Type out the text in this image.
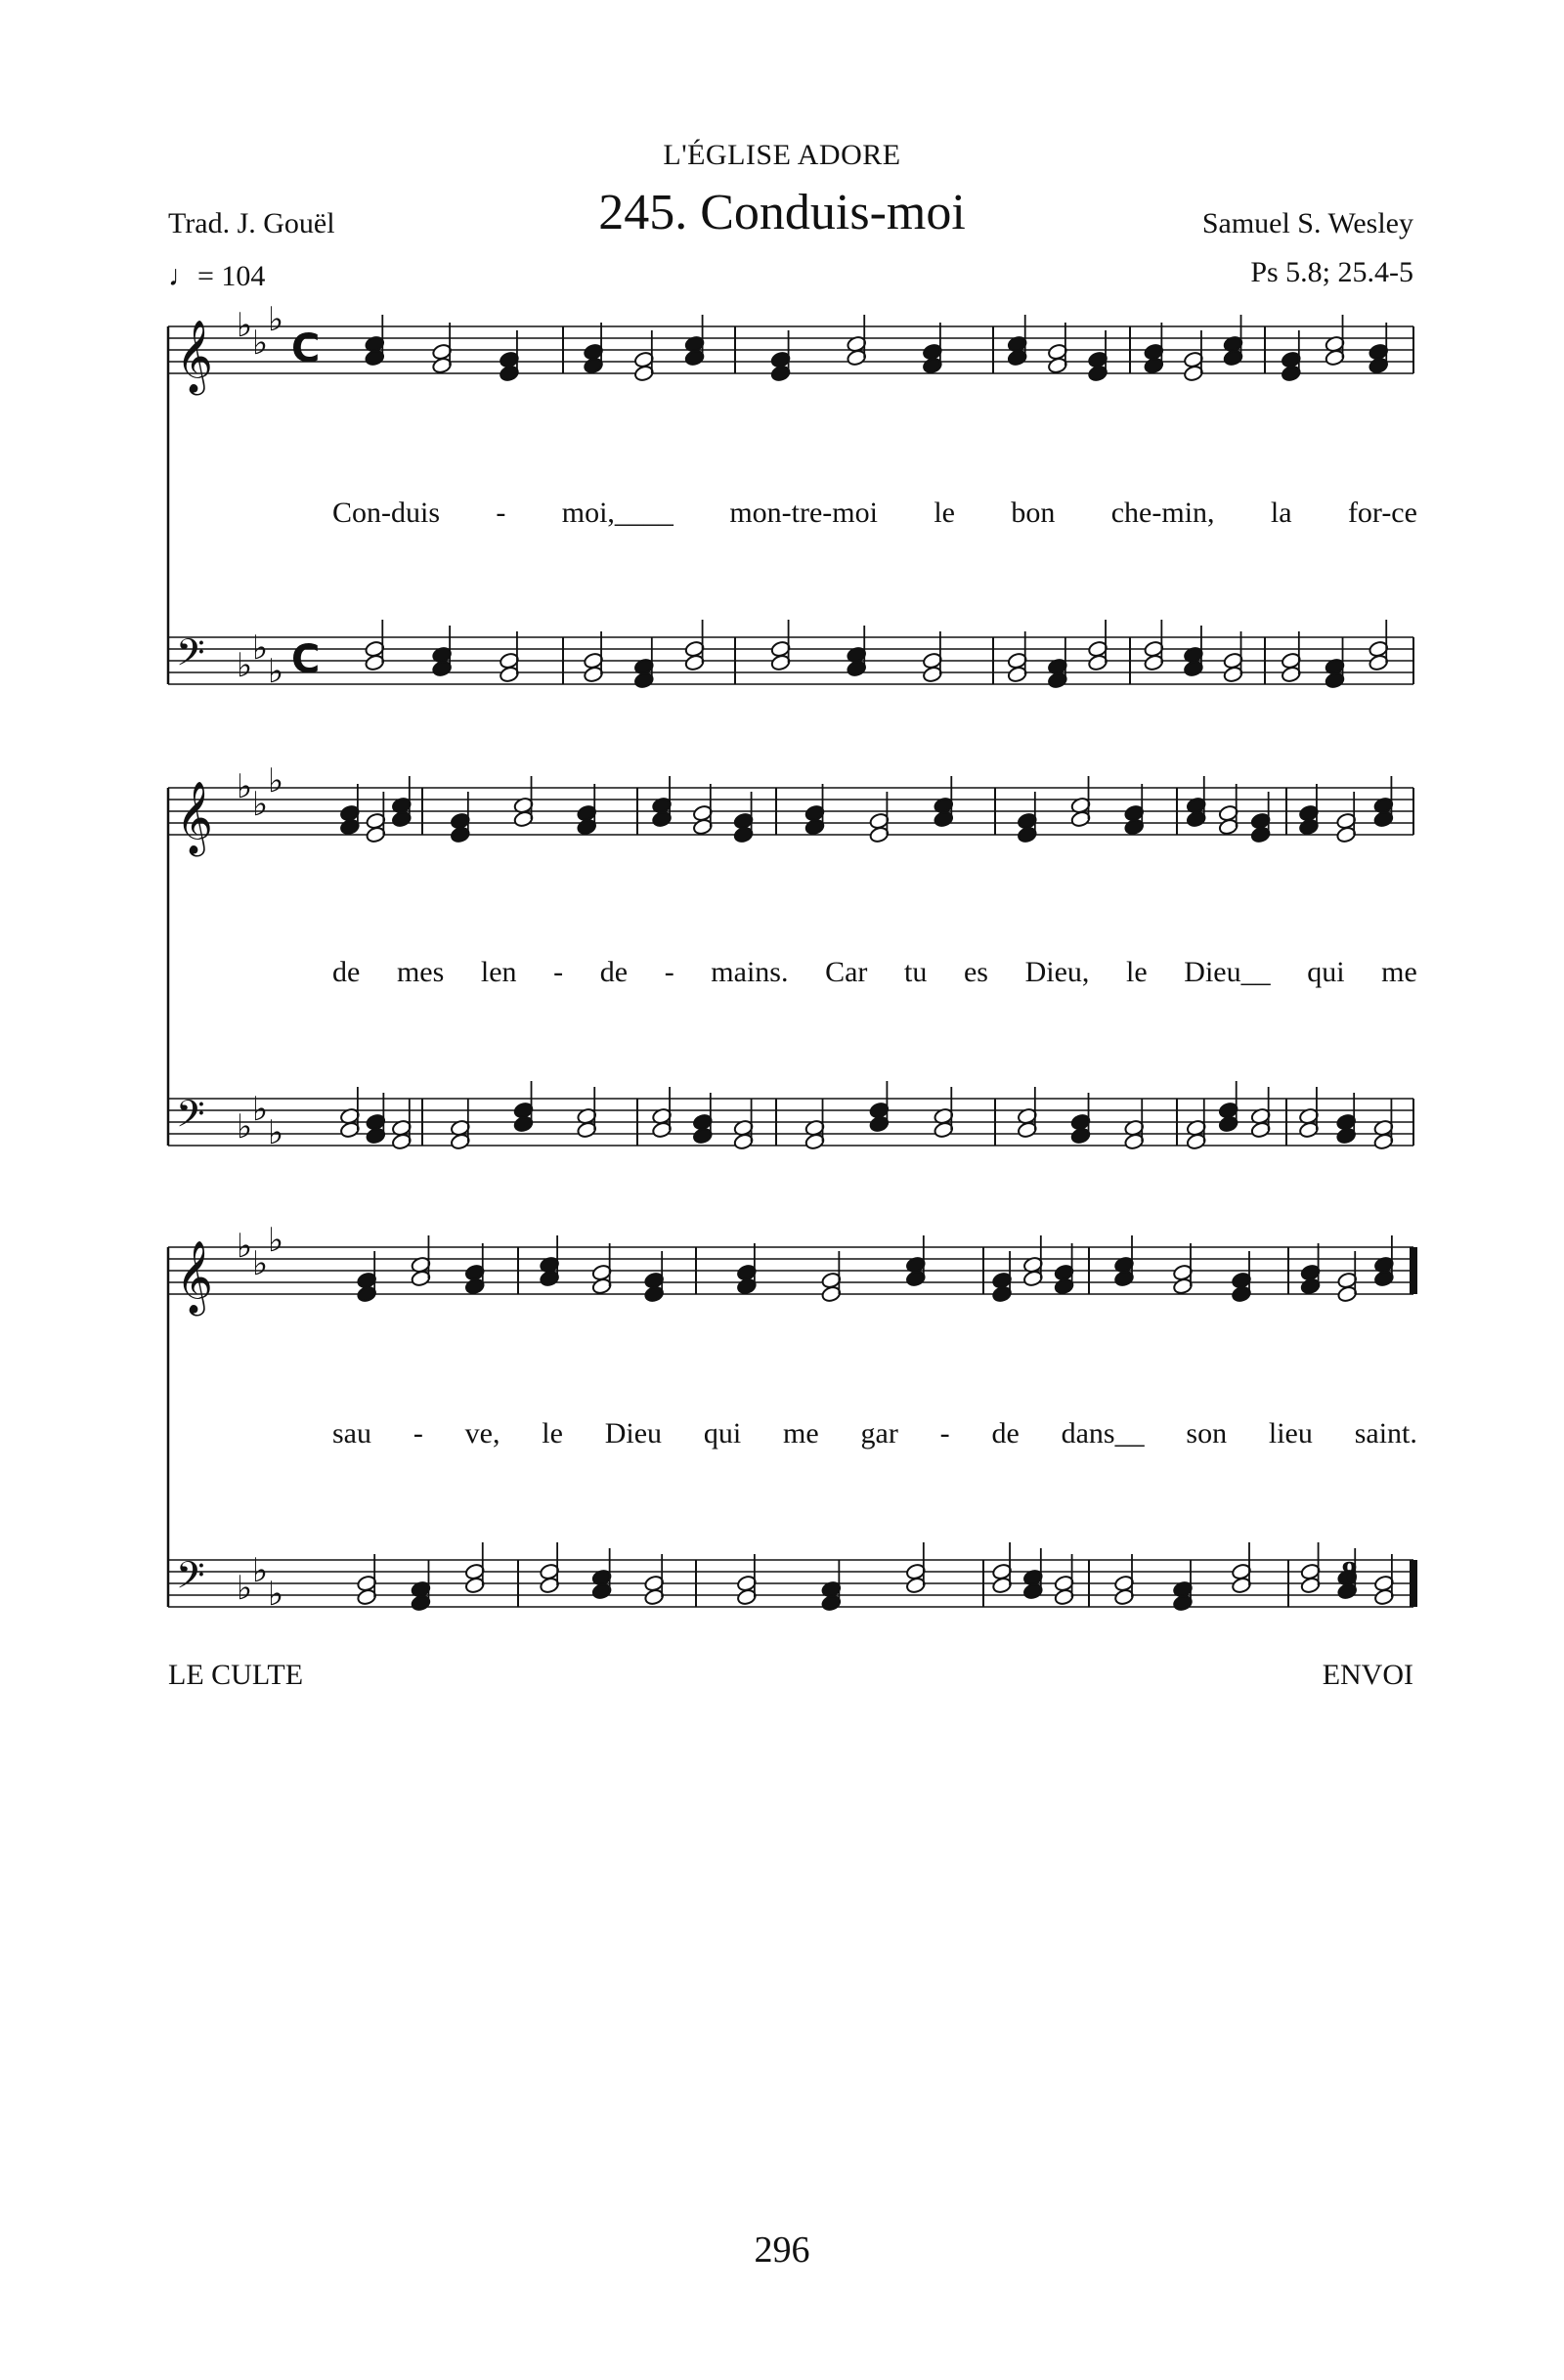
L'ÉGLISE ADORE
245. Conduis-moi
Trad. J. Gouël	Samuel S. Wesley
Ps 5.8; 25.4-5
♩= 104
𝄞 ♭ ♭
♭
C
𝄢 ♭ ♭
♭ C
𝄞 ♭ ♭
♭
𝄢 ♭ ♭
♭
𝄞 ♭ ♭
♭
𝄢 ♭ ♭
♭
8
Con-duis - moi,____ mon-tre-moi le bon che-min, la for-ce
de mes len - de - mains. Car tu es Dieu, le Dieu__ qui me
sau - ve, le Dieu qui me gar - de dans__ son lieu saint.
LE CULTE	ENVOI
296
